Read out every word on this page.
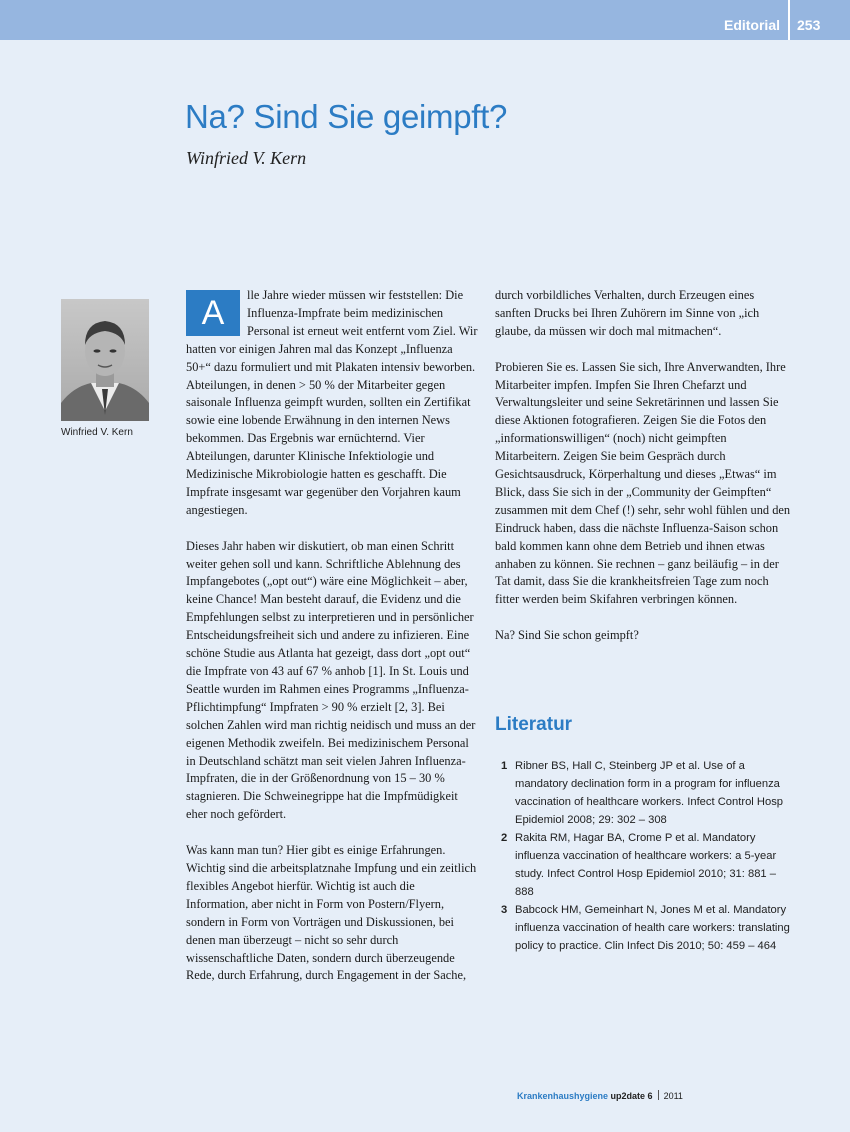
Editorial 253
Na? Sind Sie geimpft?
Winfried V. Kern
Winfried V. Kern

A	lle Jahre wieder müssen wir feststellen: Die Influenza-Impfrate beim medizinischen Personal ist erneut weit entfernt vom Ziel. Wir hatten vor einigen Jahren mal das Konzept „Influenza 50+“ dazu formuliert und mit Plakaten intensiv beworben. Abteilungen, in denen > 50 % der Mitarbeiter gegen saisonale Influenza geimpft wurden, sollten ein Zertifikat sowie eine lobende Erwähnung in den internen News bekommen. Das Ergebnis war ernüchternd. Vier Abteilungen, darunter Klinische Infektiologie und Medizinische Mikrobiologie hatten es geschafft. Die Impfrate insgesamt war gegenüber den Vorjahren kaum angestiegen.

Dieses Jahr haben wir diskutiert, ob man einen Schritt weiter gehen soll und kann. Schriftliche Ablehnung des Impfangebotes („opt out“) wäre eine Möglichkeit – aber, keine Chance! Man besteht darauf, die Evidenz und die Empfehlungen selbst zu interpretieren und in persönlicher Entscheidungsfreiheit sich und andere zu infizieren. Eine schöne Studie aus Atlanta hat gezeigt, dass dort „opt out“ die Impfrate von 43 auf 67 % anhob [1]. In St. Louis und Seattle wurden im Rahmen eines Programms „Influenza-Pflichtimpfung“ Impfraten > 90 % erzielt [2, 3]. Bei solchen Zahlen wird man richtig neidisch und muss an der eigenen Methodik zweifeln. Bei medizinischem Personal in Deutschland schätzt man seit vielen Jahren Influenza-Impfraten, die in der Größenordnung von 15 – 30 % stagnieren. Die Schweinegrippe hat die Impfmüdigkeit eher noch gefördert.

Was kann man tun? Hier gibt es einige Erfahrungen. Wichtig sind die arbeitsplatznahe Impfung und ein zeitlich flexibles Angebot hierfür. Wichtig ist auch die Information, aber nicht in Form von Postern/Flyern, sondern in Form von Vorträgen und Diskussionen, bei denen man überzeugt – nicht so sehr durch wissenschaftliche Daten, sondern durch überzeugende Rede, durch Erfahrung, durch Engagement in der Sache,

durch vorbildliches Verhalten, durch Erzeugen eines sanften Drucks bei Ihren Zuhörern im Sinne von „ich glaube, da müssen wir doch mal mitmachen“.

Probieren Sie es. Lassen Sie sich, Ihre Anverwandten, Ihre Mitarbeiter impfen. Impfen Sie Ihren Chefarzt und Verwaltungsleiter und seine Sekretärinnen und lassen Sie diese Aktionen fotografieren. Zeigen Sie die Fotos den „informationswilligen“ (noch) nicht geimpften Mitarbeitern. Zeigen Sie beim Gespräch durch Gesichtsausdruck, Körperhaltung und dieses „Etwas“ im Blick, dass Sie sich in der „Community der Geimpften“ zusammen mit dem Chef (!) sehr, sehr wohl fühlen und den Eindruck haben, dass die nächste Influenza-Saison schon bald kommen kann ohne dem Betrieb und ihnen etwas anhaben zu können. Sie rechnen – ganz beiläufig – in der Tat damit, dass Sie die krankheitsfreien Tage zum noch fitter werden beim Skifahren verbringen können.

Na? Sind Sie schon geimpft?

Literatur
1 Ribner BS, Hall C, Steinberg JP et al. Use of a mandatory declination form in a program for influenza vaccination of healthcare workers. Infect Control Hosp Epidemiol 2008; 29: 302 – 308
2 Rakita RM, Hagar BA, Crome P et al. Mandatory influenza vaccination of healthcare workers: a 5-year study. Infect Control Hosp Epidemiol 2010; 31: 881 – 888
3 Babcock HM, Gemeinhart N, Jones M et al. Mandatory influenza vaccination of health care workers: translating policy to practice. Clin Infect Dis 2010; 50: 459 – 464
Krankenhaushygiene up2date 6 2011
